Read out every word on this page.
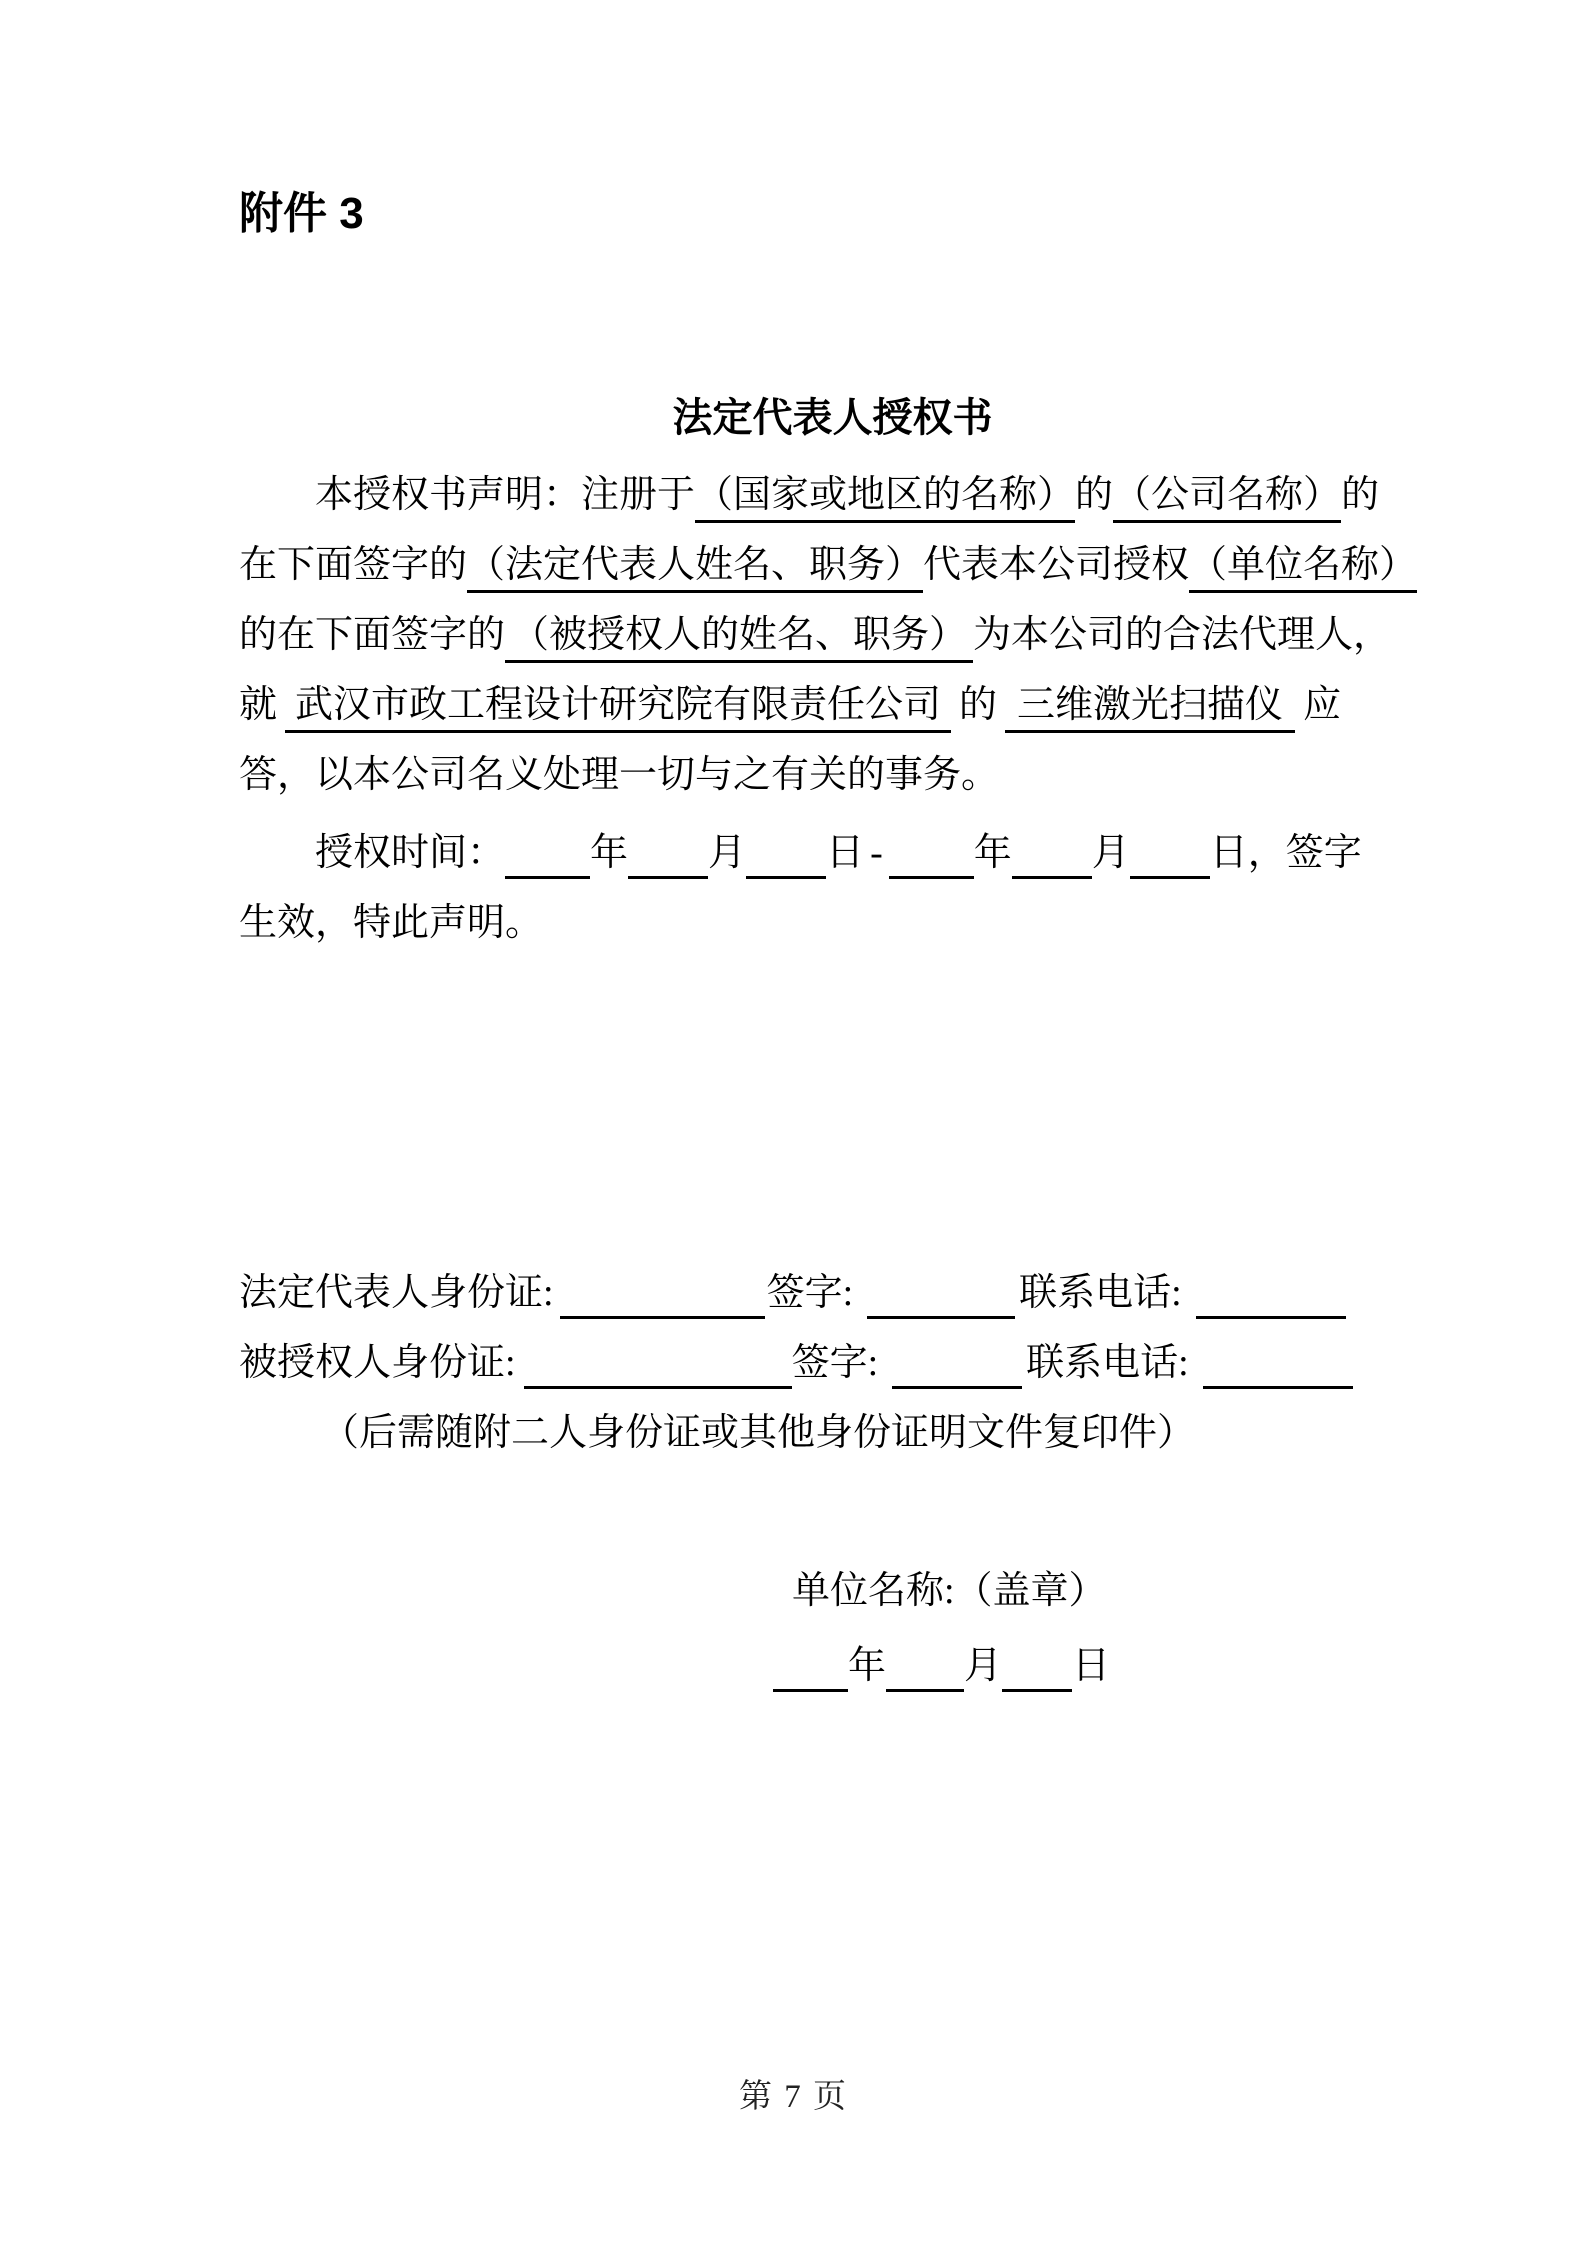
附件 3
法定代表人授权书
本授权书声明：注册于（国家或地区的名称）的（公司名称）的
在下面签字的（法定代表人姓名、职务）代表本公司授权（单位名称）
的在下面签字的 （被授权人的姓名、职务） 为本公司的合法代理人，
就 武汉市政工程设计研究院有限责任公司 的 三维激光扫描仪 应
答，以本公司名义处理一切与之有关的事务。
授权时间： 年 月 日 - 年 月 日，签字
生效，特此声明。
法定代表人身份证:	签字:	联系电话:
被授权人身份证:	签字:	联系电话:
（后需随附二人身份证或其他身份证明文件复印件）
单位名称:（盖章）
年 月 日
第 7 页
